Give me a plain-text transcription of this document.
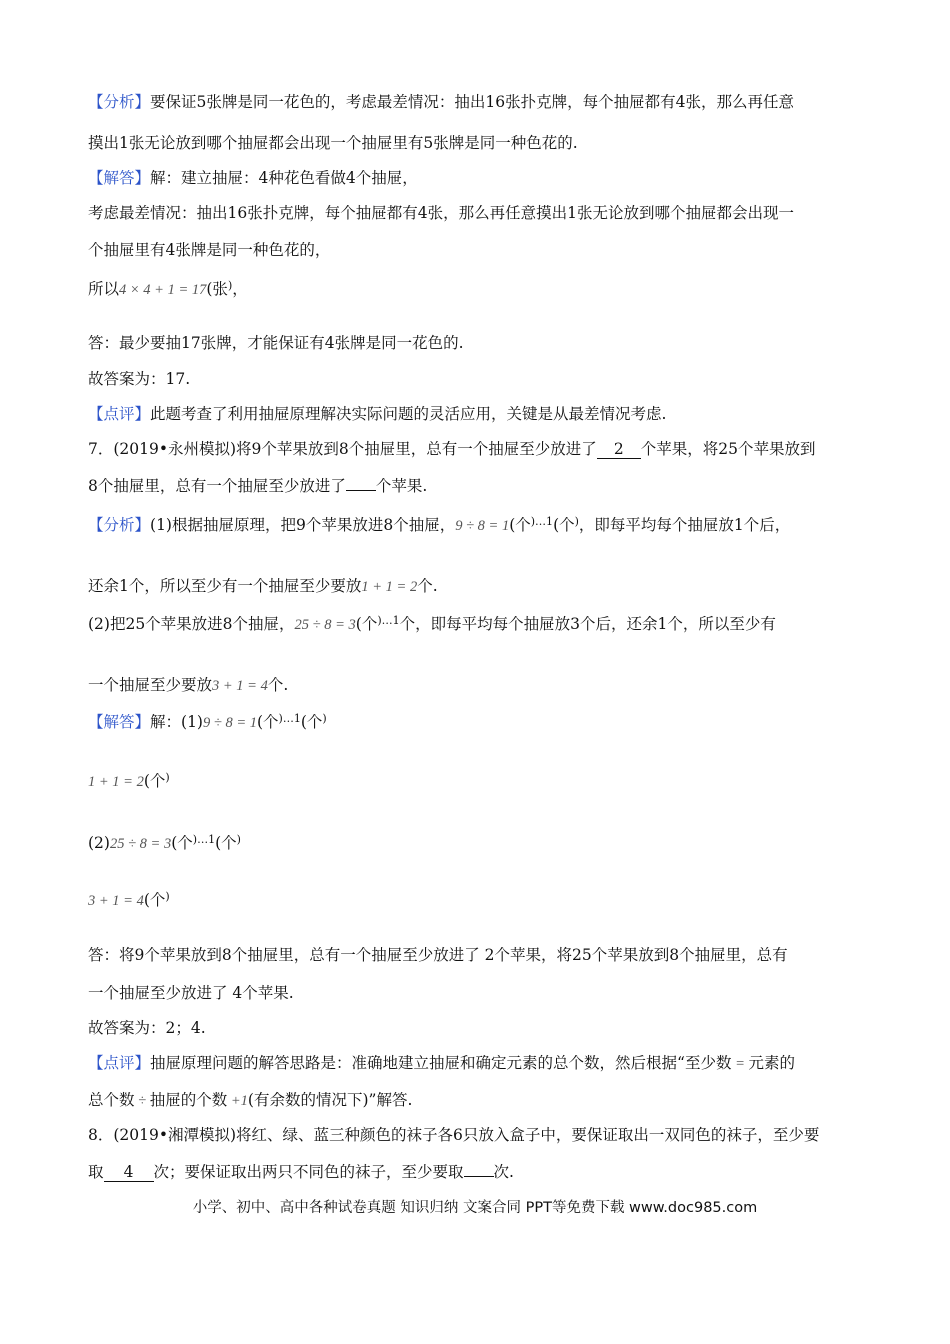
【分析】要保证5张牌是同一花色的，考虑最差情况：抽出16张扑克牌，每个抽屉都有4张，那么再任意
摸出1张无论放到哪个抽屉都会出现一个抽屉里有5张牌是同一种色花的.
【解答】解：建立抽屉：4种花色看做4个抽屉，
考虑最差情况：抽出16张扑克牌，每个抽屉都有4张，那么再任意摸出1张无论放到哪个抽屉都会出现一
个抽屉里有4张牌是同一种色花的，
所以4 × 4 + 1 = 17(张)，
答：最少要抽17张牌，才能保证有4张牌是同一花色的.
故答案为：17.
【点评】此题考查了利用抽屉原理解决实际问题的灵活应用，关键是从最差情况考虑.
7．(2019•永州模拟)将9个苹果放到8个抽屉里，总有一个抽屉至少放进了 2 个苹果，将25个苹果放到
8个抽屉里，总有一个抽屉至少放进了 个苹果.
【分析】(1)根据抽屉原理，把9个苹果放进8个抽屉，9 ÷ 8 = 1(个$^{)\dots 1}$(个)，即每平均每个抽屉放1个后，
还余1个，所以至少有一个抽屉至少要放1 + 1 = 2个.
(2)把25个苹果放进8个抽屉，25 ÷ 8 = 3(个$^{)\dots 1}$个，即每平均每个抽屉放3个后，还余1个，所以至少有
一个抽屉至少要放3 + 1 = 4个.
【解答】解：(1)9 ÷ 8 = 1(个$^{)\dots 1}$(个)
1 + 1 = 2(个)
(2)25 ÷ 8 = 3(个$^{)\dots 1}$(个)
3 + 1 = 4(个)
答：将9个苹果放到8个抽屉里，总有一个抽屉至少放进了 2个苹果，将25个苹果放到8个抽屉里，总有
一个抽屉至少放进了 4个苹果.
故答案为：2；4.
【点评】抽屉原理问题的解答思路是：准确地建立抽屉和确定元素的总个数，然后根据“至少数 = 元素的
总个数 ÷ 抽屉的个数 +1(有余数的情况下)”解答.
8．(2019•湘潭模拟)将红、绿、蓝三种颜色的袜子各6只放入盒子中，要保证取出一双同色的袜子，至少要
取 4 次；要保证取出两只不同色的袜子，至少要取 次.
小学、初中、高中各种试卷真题 知识归纳 文案合同 PPT等免费下载 www.doc985.com
